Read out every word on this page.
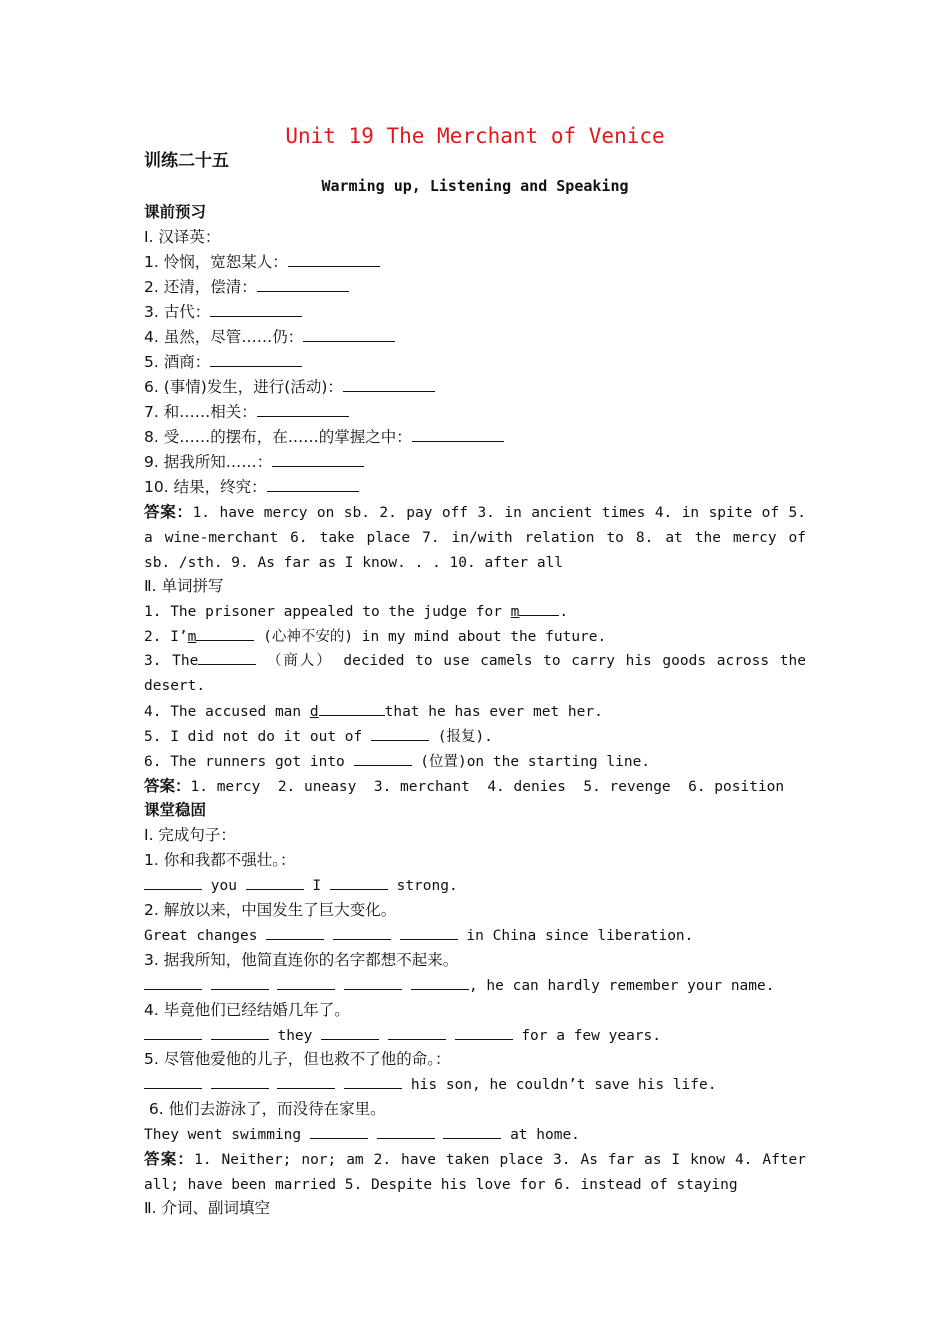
Unit 19 The Merchant of Venice
训练二十五
Warming up, Listening and Speaking
课前预习
Ⅰ. 汉译英：
1. 怜悯，宽恕某人：
2. 还清，偿清：
3. 古代：
4. 虽然，尽管……仍：
5. 酒商：
6. (事情)发生，进行(活动)：
7. 和……相关：
8. 受……的摆布，在……的掌握之中：
9. 据我所知……：
10. 结果，终究：
答案：1. have mercy on sb. 2. pay off 3. in ancient times 4. in spite of 5.
a wine-merchant 6. take place 7. in/with relation to 8. at the mercy of
sb. /sth. 9. As far as I know. . . 10. after all
Ⅱ. 单词拼写
1. The prisoner appealed to the judge for m	.
2. I’m	(心神不安的) in my mind about the future.
3. The	（商人） decided to use camels to carry his goods across the
desert.
4. The accused man d	that he has ever met her.
5. I did not do it out of	(报复).
6. The runners got into	(位置)on the starting line.
答案：1. mercy  2. uneasy  3. merchant  4. denies  5. revenge  6. position
课堂稳固
Ⅰ. 完成句子：
1. 你和我都不强壮。：
you	I	strong.
2. 解放以来，中国发生了巨大变化。
Great changes	in China since liberation.
3. 据我所知，他简直连你的名字都想不起来。
, he can hardly remember your name.
4. 毕竟他们已经结婚几年了。
they	for a few years.
5. 尽管他爱他的儿子，但也救不了他的命。：
his son, he couldn’t save his life.
6. 他们去游泳了，而没待在家里。
They went swimming	at home.
答案：1. Neither; nor; am 2. have taken place 3. As far as I know 4. After
all; have been married 5. Despite his love for 6. instead of staying
Ⅱ. 介词、副词填空
